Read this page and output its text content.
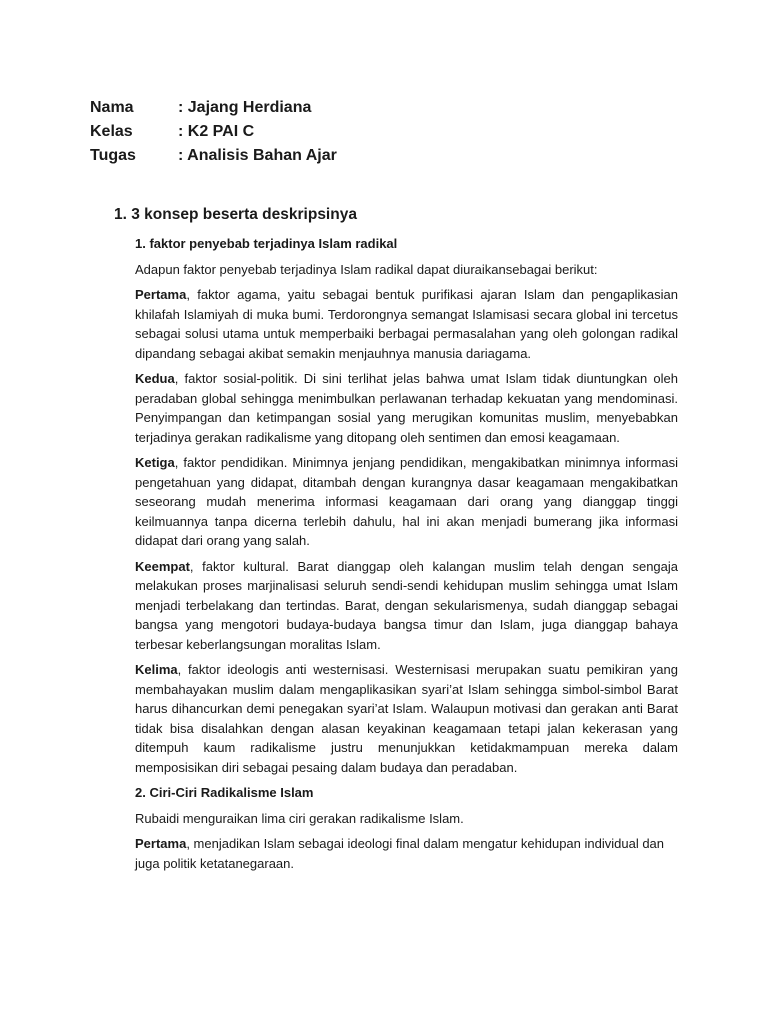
Nama	: Jajang Herdiana
Kelas	: K2 PAI C
Tugas	: Analisis Bahan Ajar
1. 3 konsep beserta deskripsinya
1. faktor penyebab terjadinya Islam radikal
Adapun faktor penyebab terjadinya Islam radikal dapat diuraikansebagai berikut:
Pertama, faktor agama, yaitu sebagai bentuk purifikasi ajaran Islam dan pengaplikasian khilafah Islamiyah di muka bumi. Terdorongnya semangat Islamisasi secara global ini tercetus sebagai solusi utama untuk memperbaiki berbagai permasalahan yang oleh golongan radikal dipandang sebagai akibat semakin menjauhnya manusia dariagama.
Kedua, faktor sosial-politik. Di sini terlihat jelas bahwa umat Islam tidak diuntungkan oleh peradaban global sehingga menimbulkan perlawanan terhadap kekuatan yang mendominasi. Penyimpangan dan ketimpangan sosial yang merugikan komunitas muslim, menyebabkan terjadinya gerakan radikalisme yang ditopang oleh sentimen dan emosi keagamaan.
Ketiga, faktor pendidikan. Minimnya jenjang pendidikan, mengakibatkan minimnya informasi pengetahuan yang didapat, ditambah dengan kurangnya dasar keagamaan mengakibatkan seseorang mudah menerima informasi keagamaan dari orang yang dianggap tinggi keilmuannya tanpa dicerna terlebih dahulu, hal ini akan menjadi bumerang jika informasi didapat dari orang yang salah.
Keempat, faktor kultural. Barat dianggap oleh kalangan muslim telah dengan sengaja melakukan proses marjinalisasi seluruh sendi-sendi kehidupan muslim sehingga umat Islam menjadi terbelakang dan tertindas. Barat, dengan sekularismenya, sudah dianggap sebagai bangsa yang mengotori budaya-budaya bangsa timur dan Islam, juga dianggap bahaya terbesar keberlangsungan moralitas Islam.
Kelima, faktor ideologis anti westernisasi. Westernisasi merupakan suatu pemikiran yang membahayakan muslim dalam mengaplikasikan syari’at Islam sehingga simbol-simbol Barat harus dihancurkan demi penegakan syari’at Islam. Walaupun motivasi dan gerakan anti Barat tidak bisa disalahkan dengan alasan keyakinan keagamaan tetapi jalan kekerasan yang ditempuh kaum radikalisme justru menunjukkan ketidakmampuan mereka dalam memposisikan diri sebagai pesaing dalam budaya dan peradaban.
2. Ciri-Ciri Radikalisme Islam
Rubaidi menguraikan lima ciri gerakan radikalisme Islam.
Pertama, menjadikan Islam sebagai ideologi final dalam mengatur kehidupan individual dan juga politik ketatanegaraan.
